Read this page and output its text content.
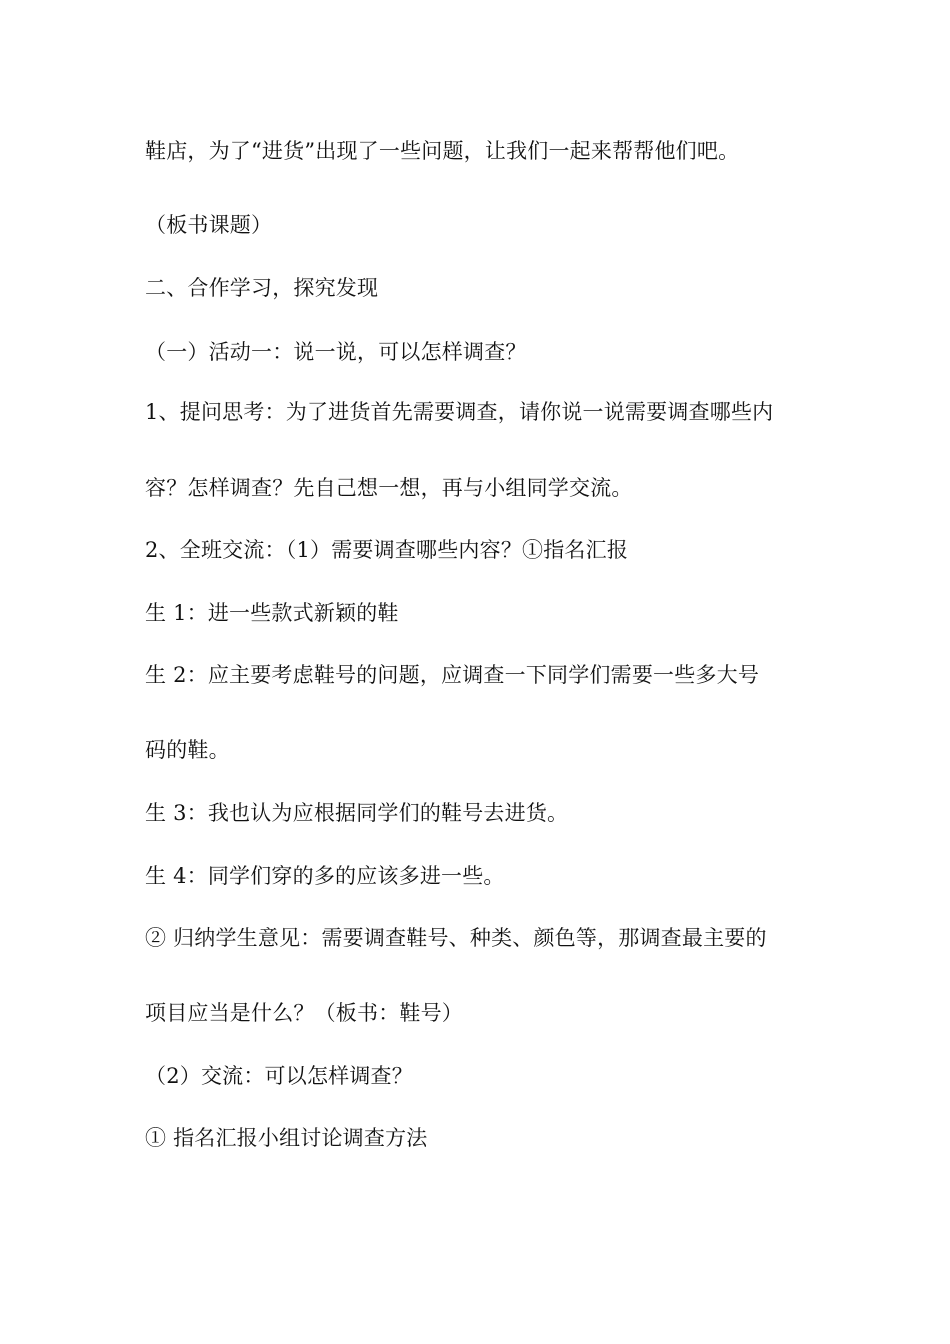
鞋店，为了“进货”出现了一些问题，让我们一起来帮帮他们吧。
（板书课题）
二、合作学习，探究发现
（一）活动一：说一说，可以怎样调查？
1、提问思考：为了进货首先需要调查，请你说一说需要调查哪些内
容？怎样调查？先自己想一想，再与小组同学交流。
2、全班交流：（1）需要调查哪些内容？①指名汇报
生 1：进一些款式新颖的鞋
生 2：应主要考虑鞋号的问题，应调查一下同学们需要一些多大号
码的鞋。
生 3：我也认为应根据同学们的鞋号去进货。
生 4：同学们穿的多的应该多进一些。
② 归纳学生意见：需要调查鞋号、种类、颜色等，那调查最主要的
项目应当是什么？（板书：鞋号）
（2）交流：可以怎样调查？
① 指名汇报小组讨论调查方法
